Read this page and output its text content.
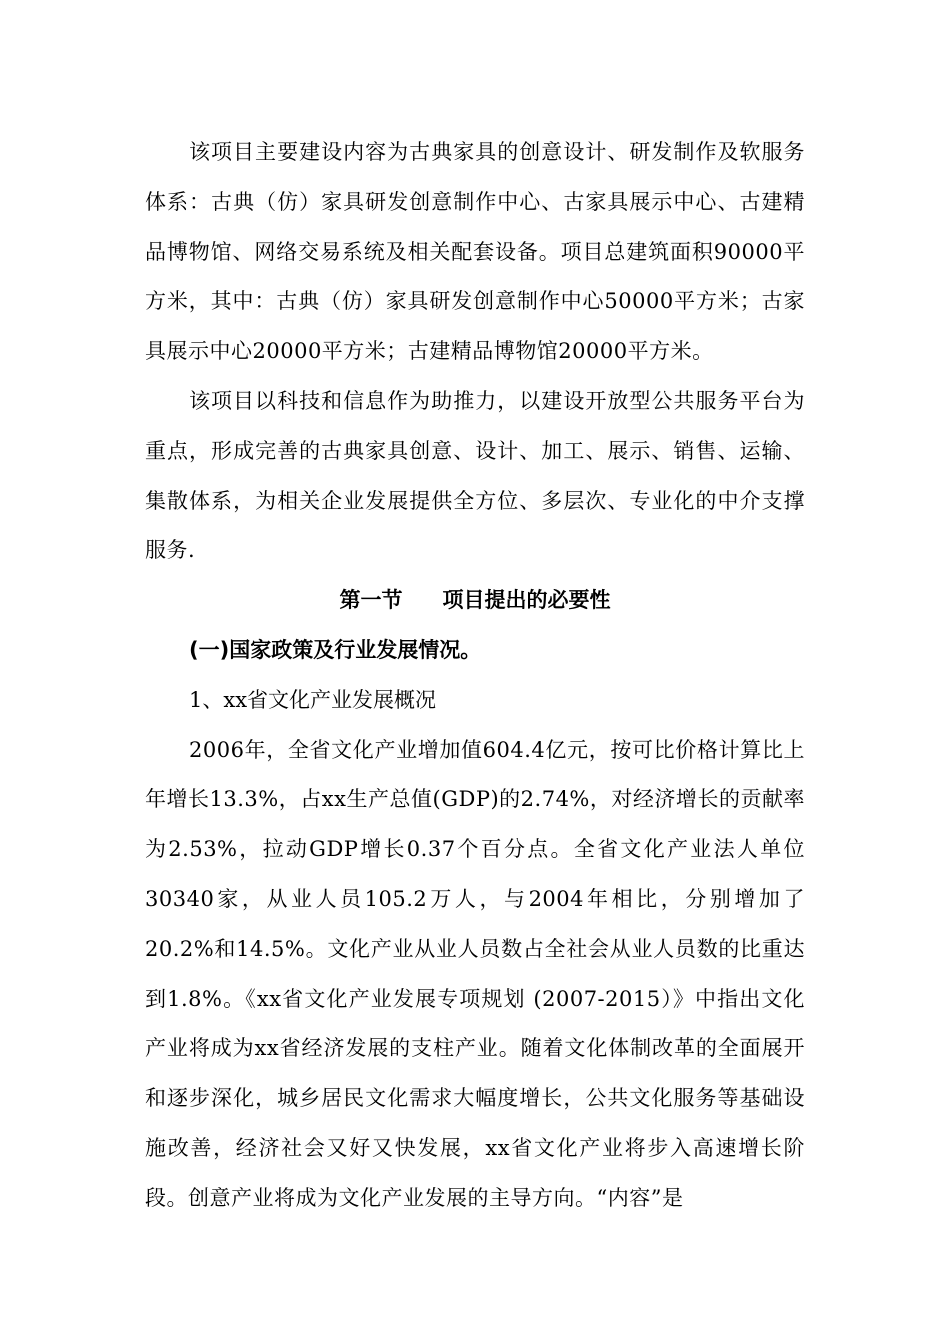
该项目主要建设内容为古典家具的创意设计、研发制作及软服务体系：古典（仿）家具研发创意制作中心、古家具展示中心、古建精品博物馆、网络交易系统及相关配套设备。项目总建筑面积90000平方米，其中：古典（仿）家具研发创意制作中心50000平方米；古家具展示中心20000平方米；古建精品博物馆20000平方米。

该项目以科技和信息作为助推力，以建设开放型公共服务平台为重点，形成完善的古典家具创意、设计、加工、展示、销售、运输、集散体系，为相关企业发展提供全方位、多层次、专业化的中介支撑服务.

第一节 项目提出的必要性

(一)国家政策及行业发展情况。

1、xx省文化产业发展概况

2006年，全省文化产业增加值604.4亿元，按可比价格计算比上年增长13.3%，占xx生产总值(GDP)的2.74%，对经济增长的贡献率为2.53%，拉动GDP增长0.37个百分点。全省文化产业法人单位30340家，从业人员105.2万人，与2004年相比，分别增加了20.2%和14.5%。文化产业从业人员数占全社会从业人员数的比重达到1.8%。《xx省文化产业发展专项规划 (2007-2015）》中指出文化产业将成为xx省经济发展的支柱产业。随着文化体制改革的全面展开和逐步深化，城乡居民文化需求大幅度增长，公共文化服务等基础设施改善，经济社会又好又快发展，xx省文化产业将步入高速增长阶段。创意产业将成为文化产业发展的主导方向。“内容”是
